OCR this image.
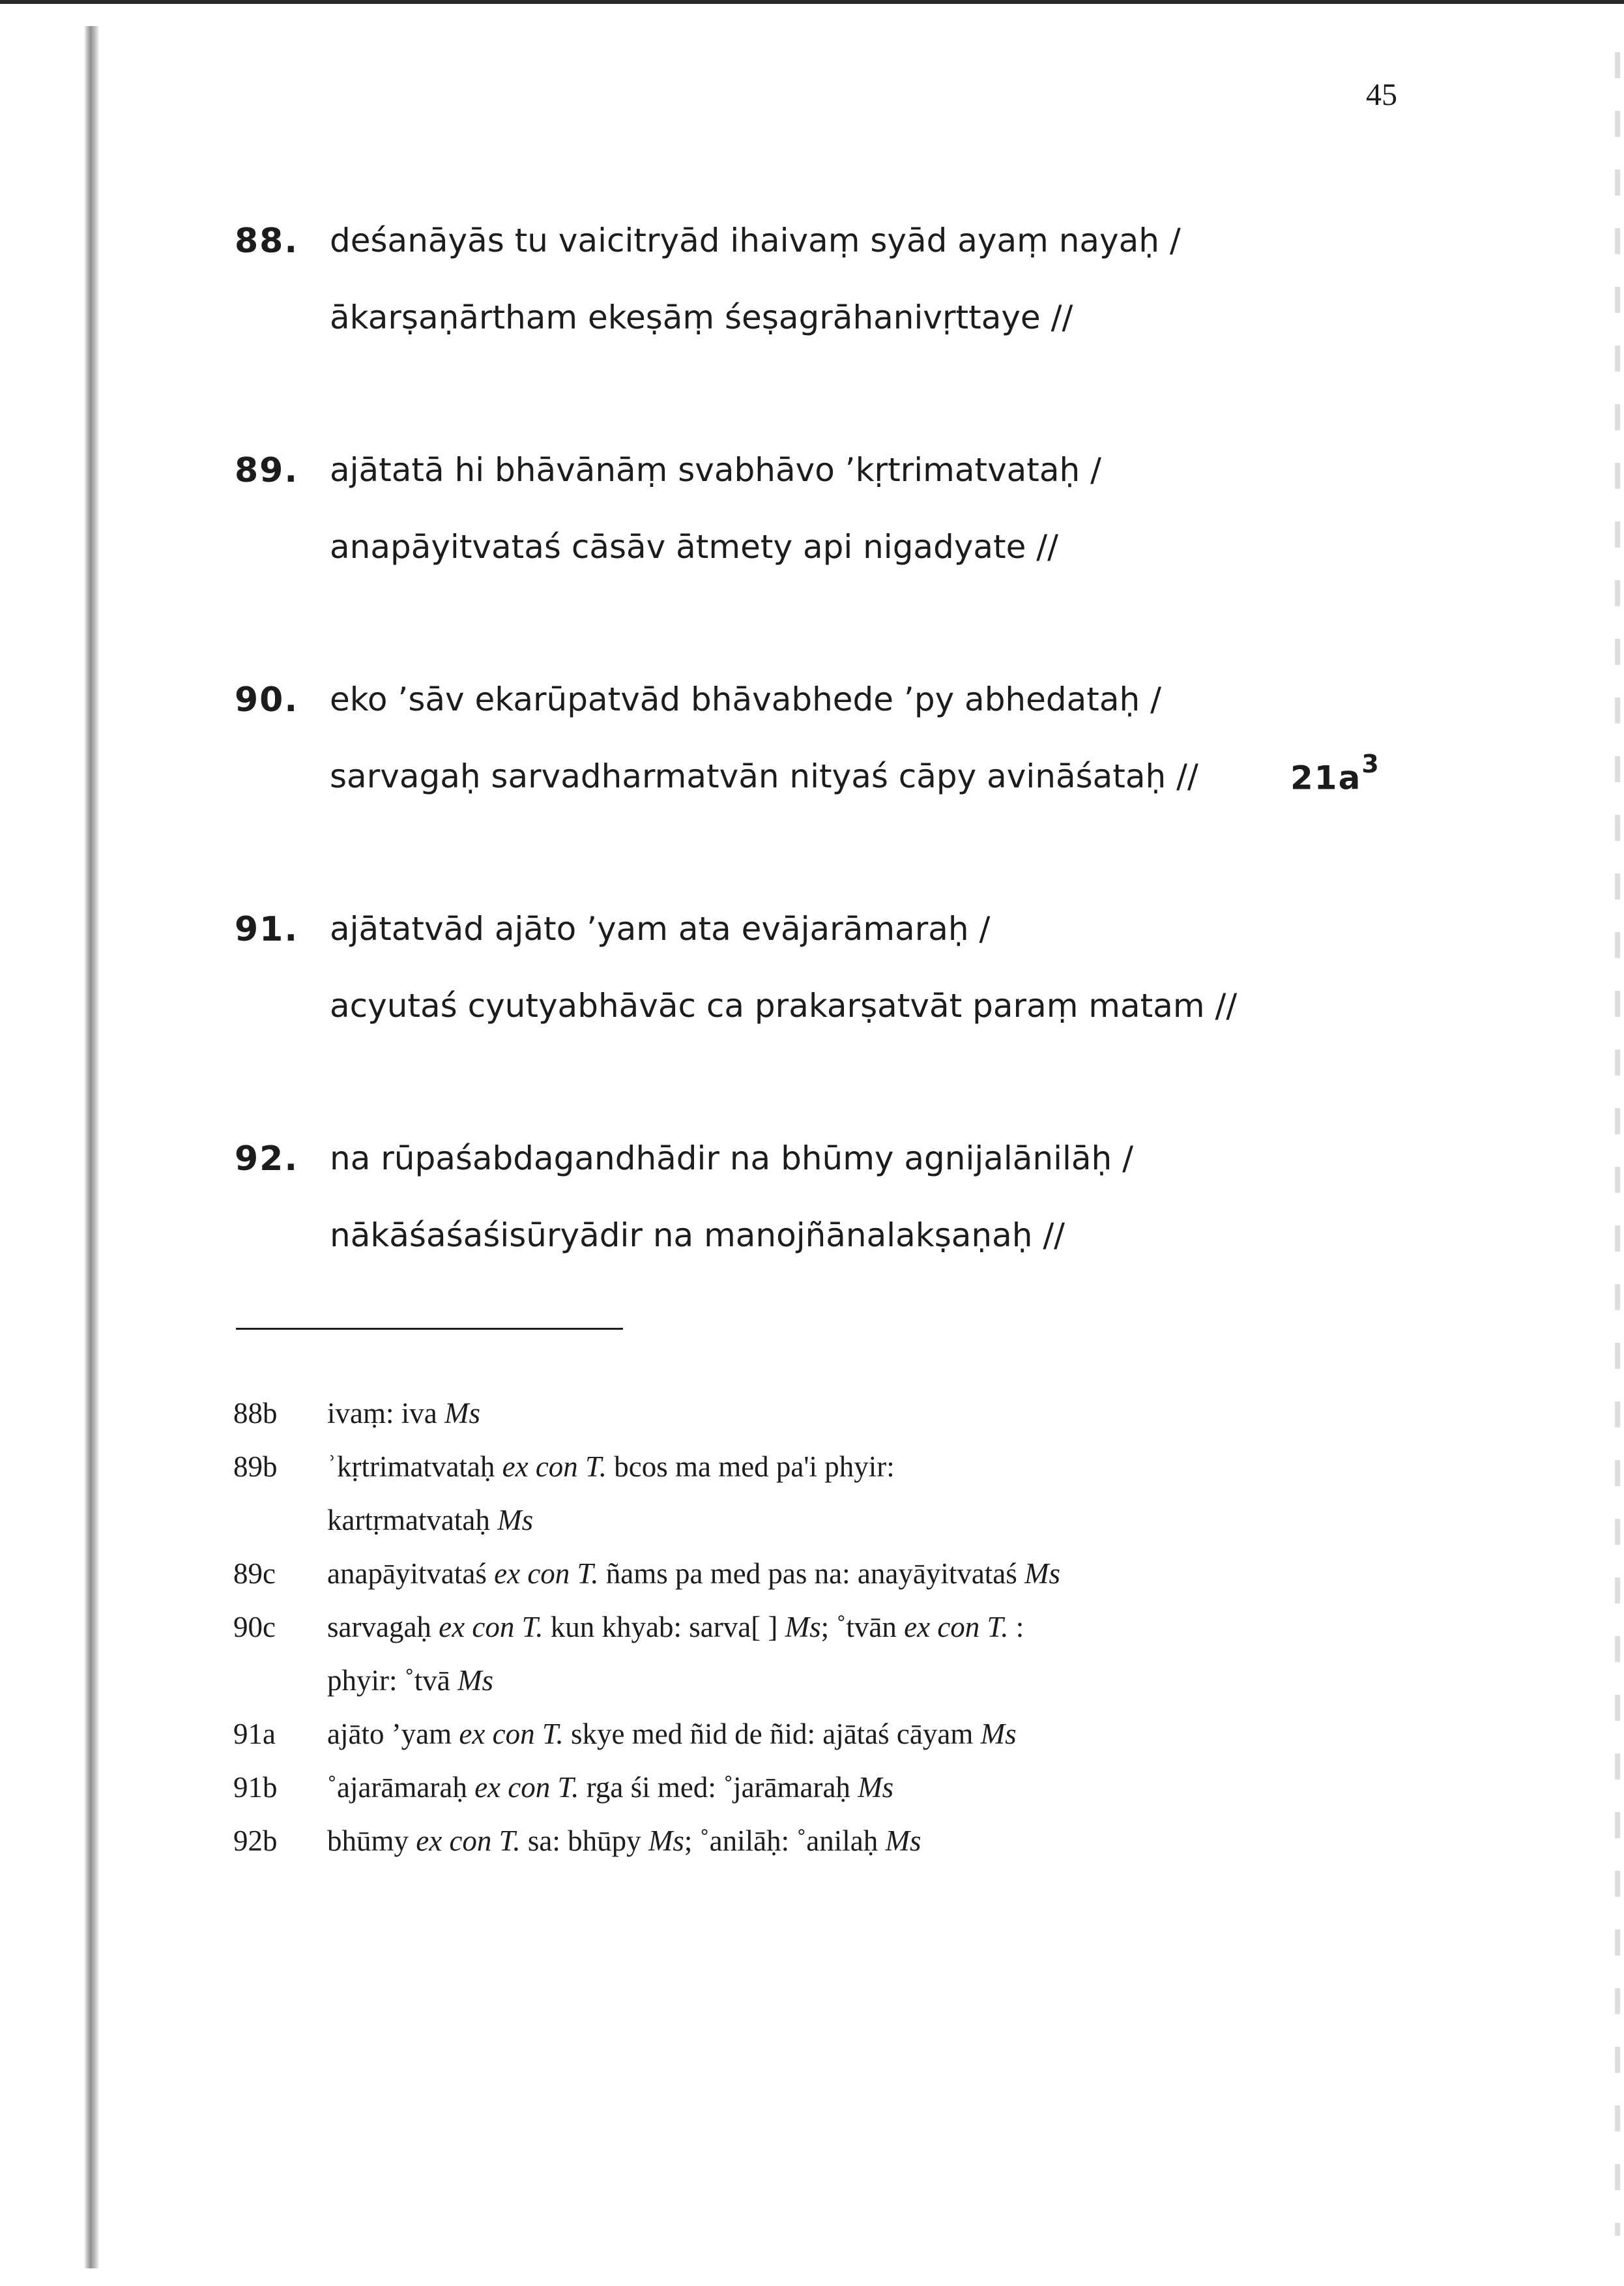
45
88. deśanāyās tu vaicitryād ihaivaṃ syād ayaṃ nayaḥ /
ākarṣaṇārtham ekeṣāṃ śeṣagrāhanivṛttaye //
89. ajātatā hi bhāvānāṃ svabhāvo ’kṛtrimatvataḥ /
anapāyitvataś cāsāv ātmety api nigadyate //
90. eko ’sāv ekarūpatvād bhāvabhede ’py abhedataḥ /
sarvagaḥ sarvadharmatvān nityaś cāpy avināśataḥ //	$21a^3$
91. ajātatvād ajāto ’yam ata evājarāmaraḥ /
acyutaś cyutyabhāvāc ca prakarṣatvāt paraṃ matam //
92. na rūpaśabdagandhādir na bhūmy agnijalānilāḥ /
nākāśaśaśisūryādir na manojñānalakṣaṇaḥ //
88b ivaṃ: iva Ms
89b ʾkṛtrimatvataḥ ex con T. bcos ma med pa'i phyir:
kartṛmatvataḥ Ms
89c anapāyitvataś ex con T. ñams pa med pas na: anayāyitvataś Ms
90c sarvagaḥ ex con T. kun khyab: sarva[ ] Ms; ˚tvān ex con T. :
phyir: ˚tvā Ms
91a ajāto ’yam ex con T. skye med ñid de ñid: ajātaś cāyam Ms
91b ˚ajarāmaraḥ ex con T. rga śi med: ˚jarāmaraḥ Ms
92b bhūmy ex con T. sa: bhūpy Ms; ˚anilāḥ: ˚anilaḥ Ms
